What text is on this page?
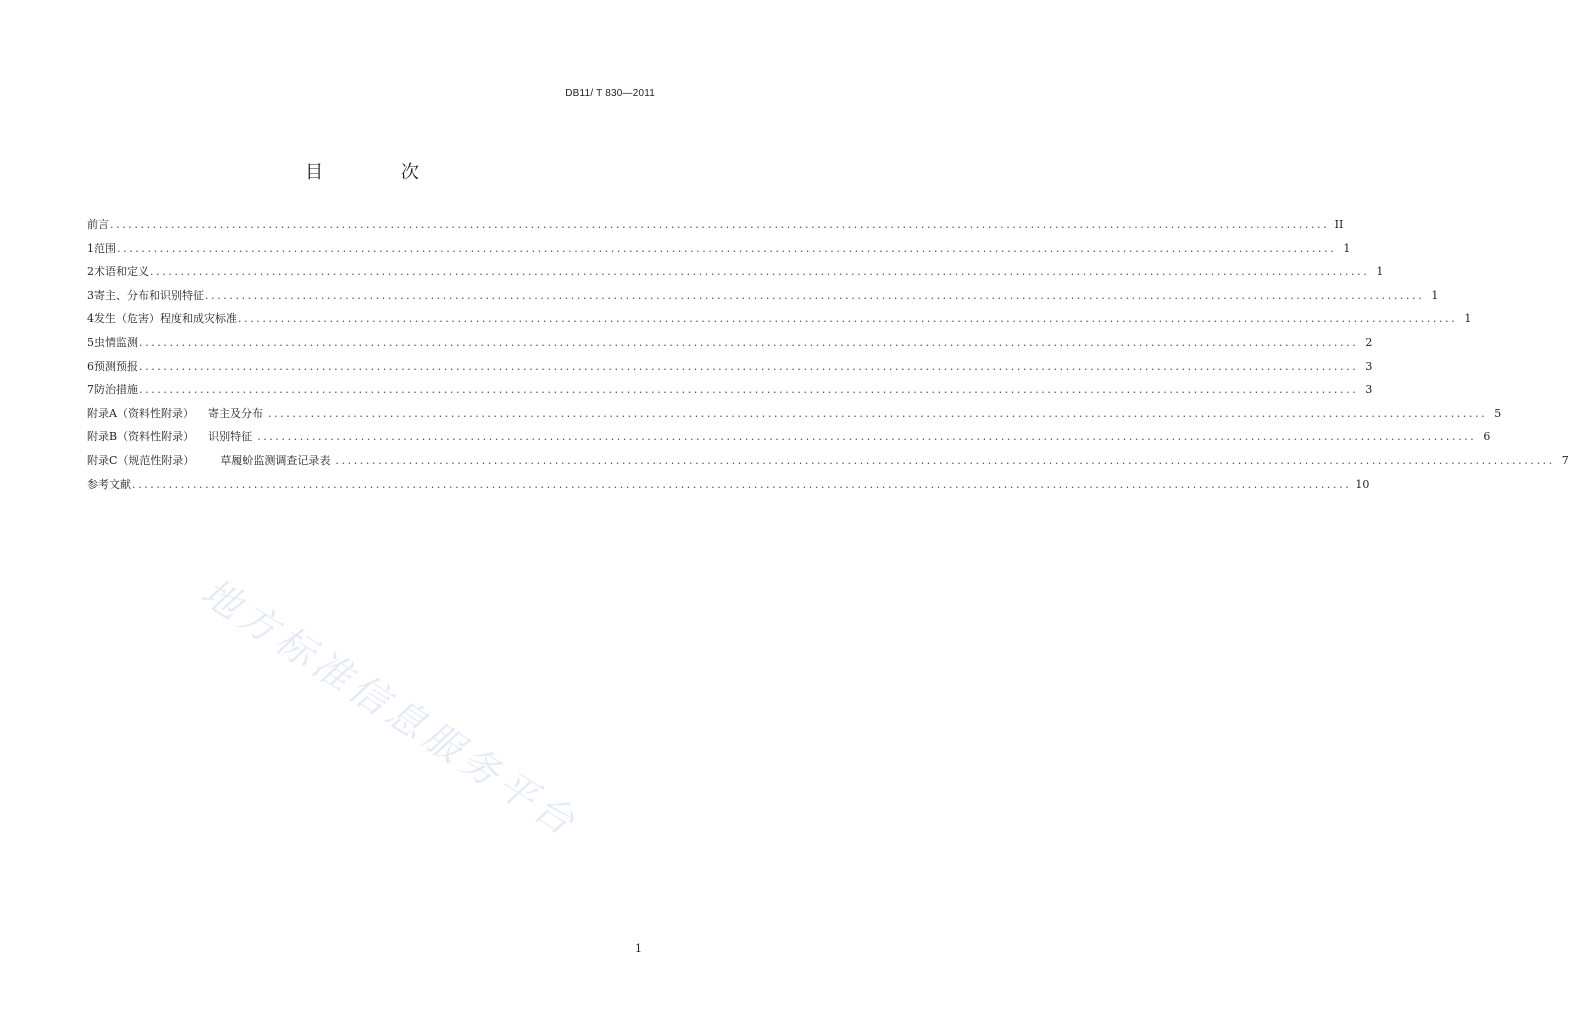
DB11/ T 830—2011
目 次
前言 ........................................................................................................................................................................................................ II
1 范围 ........................................................................................................................................................................................................ 1
2 术语和定义 ........................................................................................................................................................................................................ 1
3 寄主、分布和识别特征 ........................................................................................................................................................................................................ 1
4 发生（危害）程度和成灾标准 ........................................................................................................................................................................................................ 1
5 虫情监测 ........................................................................................................................................................................................................ 2
6 预测预报 ........................................................................................................................................................................................................ 3
7 防治措施 ........................................................................................................................................................................................................ 3
附录A（资料性附录） 寄主及分布 ........................................................................................................................................................................................................ 5
附录B（资料性附录） 识别特征 ........................................................................................................................................................................................................ 6
附录C（规范性附录） 草履蚧监测调查记录表 ........................................................................................................................................................................................................ 7
参考文献 ........................................................................................................................................................................................................ 10
地方标准信息服务平台
1
